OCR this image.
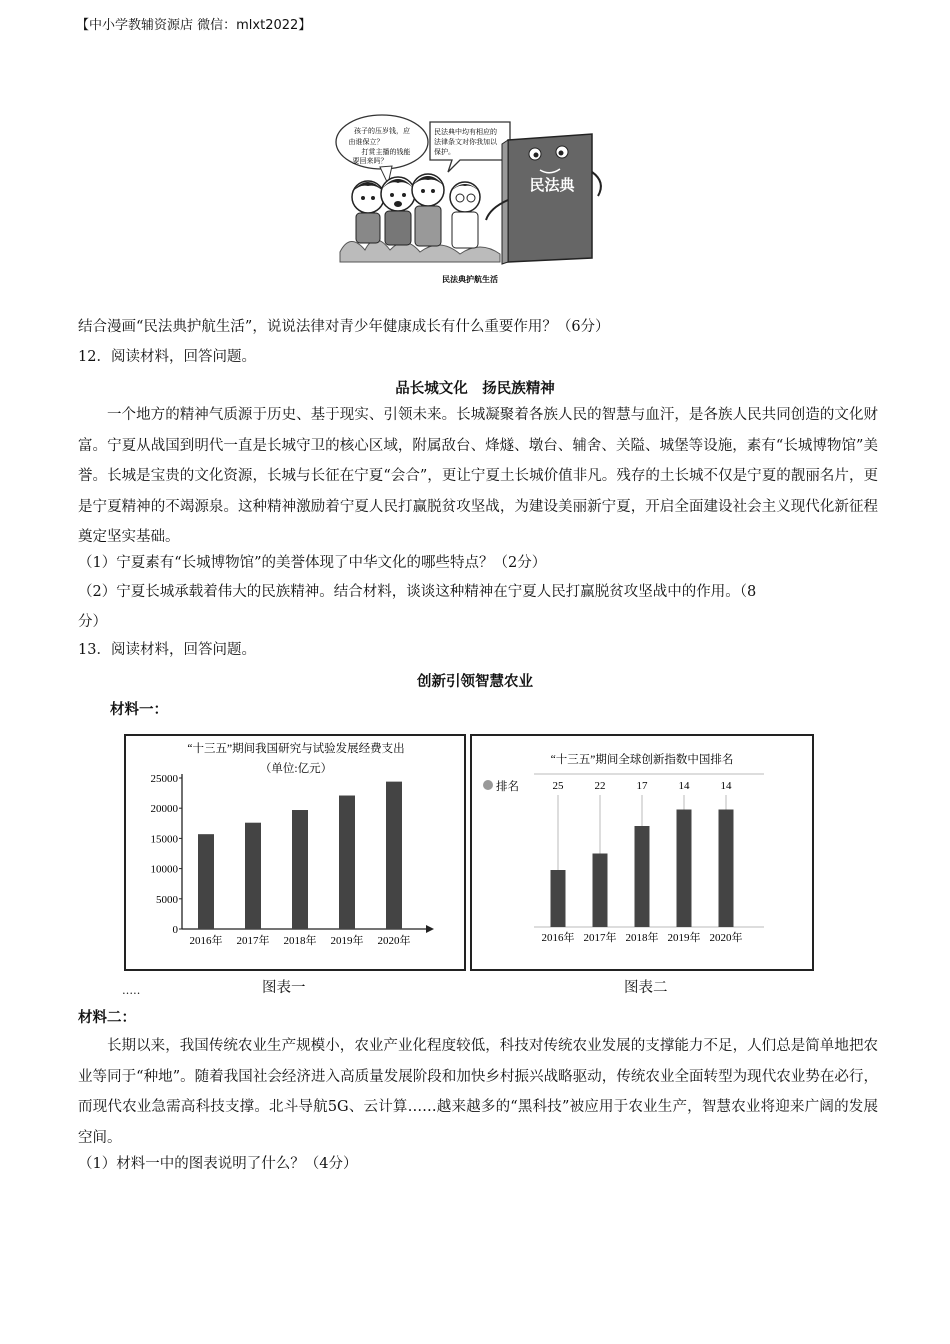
【中小学教辅资源店 微信：mlxt2022】
孩子的压岁钱，应
由谁保立？
打赏主播的钱能
要回来吗？
民法典中均有相应的
法律条文对你我加以
保护。
民法典
民法典护航生活
结合漫画“民法典护航生活”，说说法律对青少年健康成长有什么重要作用？（6分）
12．阅读材料，回答问题。
品长城文化　扬民族精神
一个地方的精神气质源于历史、基于现实、引领未来。长城凝聚着各族人民的智慧与血汗，是各族人民共同创造的文化财富。宁夏从战国到明代一直是长城守卫的核心区域，附属敌台、烽燧、墩台、辅舍、关隘、城堡等设施，素有“长城博物馆”美誉。长城是宝贵的文化资源，长城与长征在宁夏“会合”，更让宁夏土长城价值非凡。残存的土长城不仅是宁夏的靓丽名片，更是宁夏精神的不竭源泉。这种精神激励着宁夏人民打赢脱贫攻坚战，为建设美丽新宁夏，开启全面建设社会主义现代化新征程奠定坚实基础。
（1）宁夏素有“长城博物馆”的美誉体现了中华文化的哪些特点？（2分）
（2）宁夏长城承载着伟大的民族精神。结合材料，谈谈这种精神在宁夏人民打赢脱贫攻坚战中的作用。（8
分）
13．阅读材料，回答问题。
创新引领智慧农业
材料一：
“十三五”期间我国研究与试验发展经费支出
（单位:亿元）
0
5000
10000
15000
20000
25000
2016年 2017年 2018年 2019年 2020年
“十三五”期间全球创新指数中国排名
排名	25
2016年
22
2017年
17
2018年
14
2019年
14
2020年
图表一	图表二
‥…
材料二：
长期以来，我国传统农业生产规模小，农业产业化程度较低，科技对传统农业发展的支撑能力不足，人们总是简单地把农业等同于“种地”。随着我国社会经济进入高质量发展阶段和加快乡村振兴战略驱动，传统农业全面转型为现代农业势在必行，而现代农业急需高科技支撑。北斗导航5G、云计算……越来越多的“黑科技”被应用于农业生产，智慧农业将迎来广阔的发展空间。
（1）材料一中的图表说明了什么？（4分）
